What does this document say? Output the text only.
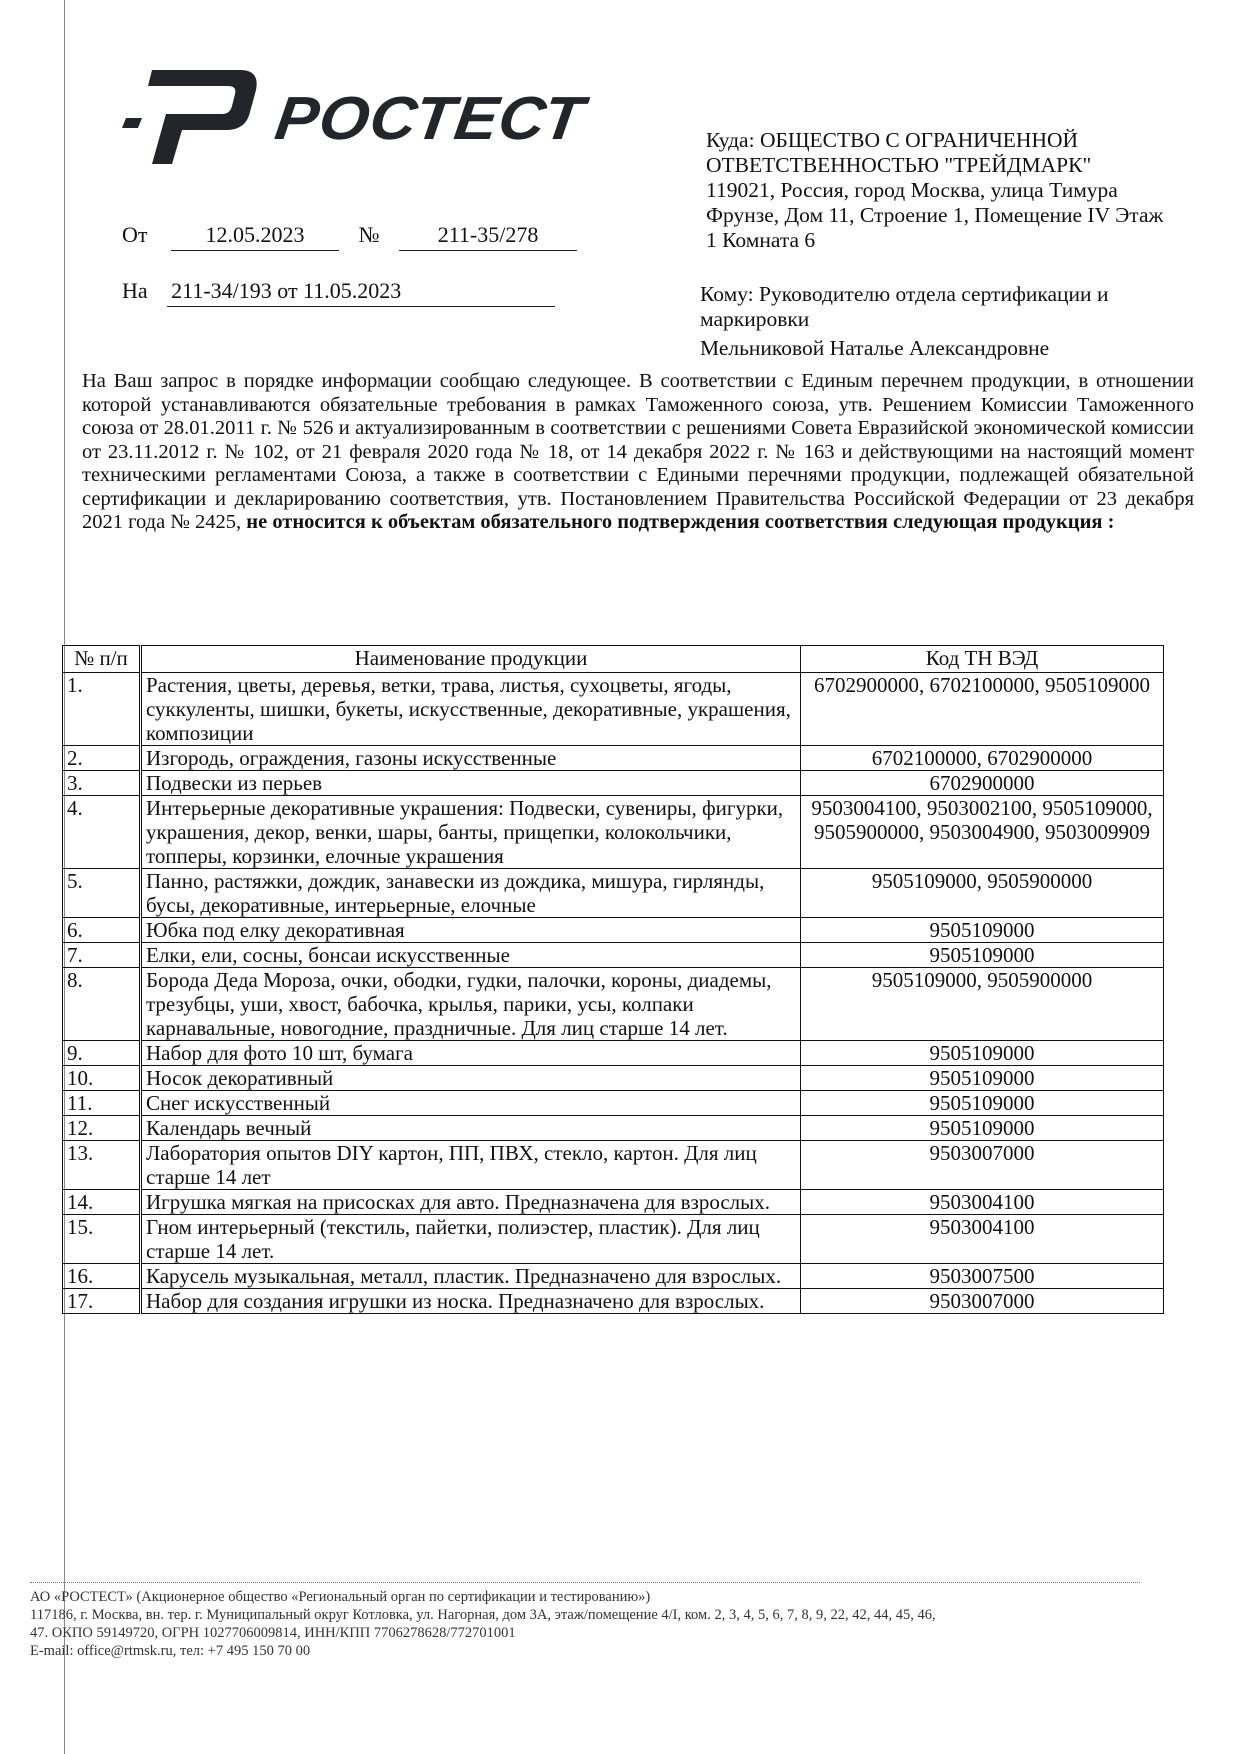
РОСТЕСТ
От	12.05.2023 №	211-35/278
На 211-34/193 от 11.05.2023
Куда: ОБЩЕСТВО С ОГРАНИЧЕННОЙ
ОТВЕТСТВЕННОСТЬЮ "ТРЕЙДМАРК"
119021, Россия, город Москва, улица Тимура
Фрунзе, Дом 11, Строение 1, Помещение IV Этаж
1 Комната 6
Кому: Руководителю отдела сертификации и
маркировки
Мельниковой Наталье Александровне
На Ваш запрос в порядке информации сообщаю следующее. В соответствии с Единым перечнем продукции, в отношении которой устанавливаются обязательные требования в рамках Таможенного союза, утв. Решением Комиссии Таможенного союза от 28.01.2011 г. № 526 и актуализированным в соответствии с решениями Совета Евразийской экономической комиссии от 23.11.2012 г. № 102, от 21 февраля 2020 года № 18, от 14 декабря 2022 г. № 163 и действующими на настоящий момент техническими регламентами Союза, а также в соответствии с Едиными перечнями продукции, подлежащей обязательной сертификации и декларированию соответствия, утв. Постановлением Правительства Российской Федерации от 23 декабря 2021 года № 2425, не относится к объектам обязательного подтверждения соответствия следующая продукция :
№ п/п	Наименование продукции	Код ТН ВЭД
1.	Растения, цветы, деревья, ветки, трава, листья, сухоцветы, ягоды, суккуленты, шишки, букеты, искусственные, декоративные, украшения, композиции	6702900000, 6702100000, 9505109000
2.	Изгородь, ограждения, газоны искусственные	6702100000, 6702900000
3.	Подвески из перьев	6702900000
4.	Интерьерные декоративные украшения: Подвески, сувениры, фигурки, украшения, декор, венки, шары, банты, прищепки, колокольчики, топперы, корзинки, елочные украшения	9503004100, 9503002100, 9505109000, 9505900000, 9503004900, 9503009909
5.	Панно, растяжки, дождик, занавески из дождика, мишура, гирлянды, бусы, декоративные, интерьерные, елочные	9505109000, 9505900000
6.	Юбка под елку декоративная	9505109000
7.	Елки, ели, сосны, бонсаи искусственные	9505109000
8.	Борода Деда Мороза, очки, ободки, гудки, палочки, короны, диадемы, трезубцы, уши, хвост, бабочка, крылья, парики, усы, колпаки карнавальные, новогодние, праздничные. Для лиц старше 14 лет.	9505109000, 9505900000
9.	Набор для фото 10 шт, бумага	9505109000
10.	Носок декоративный	9505109000
11.	Снег искусственный	9505109000
12.	Календарь вечный	9505109000
13.	Лаборатория опытов DIY картон, ПП, ПВХ, стекло, картон. Для лиц старше 14 лет	9503007000
14.	Игрушка мягкая на присосках для авто. Предназначена для взрослых.	9503004100
15.	Гном интерьерный (текстиль, пайетки, полиэстер, пластик). Для лиц старше 14 лет.	9503004100
16.	Карусель музыкальная, металл, пластик. Предназначено для взрослых.	9503007500
17.	Набор для создания игрушки из носка. Предназначено для взрослых.	9503007000
АО «РОСТЕСТ» (Акционерное общество «Региональный орган по сертификации и тестированию»)
117186, г. Москва, вн. тер. г. Муниципальный округ Котловка, ул. Нагорная, дом 3А, этаж/помещение 4/I, ком. 2, 3, 4, 5, 6, 7, 8, 9, 22, 42, 44, 45, 46,
47. ОКПО 59149720, ОГРН 1027706009814, ИНН/КПП 7706278628/772701001
E-mail: office@rtmsk.ru, тел: +7 495 150 70 00
